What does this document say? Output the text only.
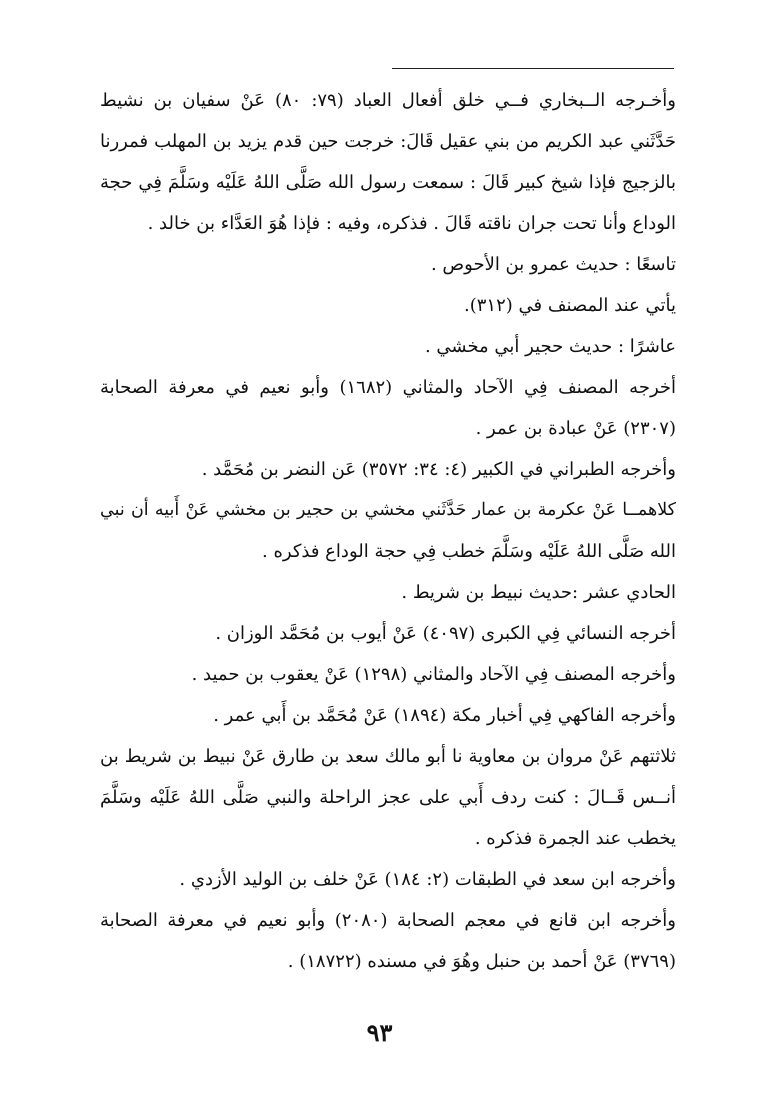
وأخـرجه الــبخاري فــي خلق أفعال العباد (٧٩: ٨٠) عَنْ سفيان بن نشيط
حَدَّثَني عبد الكريم من بني عقيل قَالَ: خرجت حين قدم يزيد بن المهلب فمررنا
بالزجيج فإذا شيخ كبير قَالَ : سمعت رسول الله صَلَّى اللهُ عَلَيْه وسَلَّمَ فِي حجة
الوداع وأنا تحت جران ناقته قَالَ . فذكره، وفيه : فإذا هُوَ العَدَّاء بن خالد .
تاسعًا : حديث عمرو بن الأحوص .
يأتي عند المصنف في (٣١٢).
عاشرًا : حديث حجير أبي مخشي .
أخرجه المصنف فِي الآحاد والمثاني (١٦٨٢) وأبو نعيم في معرفة الصحابة
(٢٣٠٧) عَنْ عبادة بن عمر .
وأخرجه الطبراني في الكبير (٤: ٣٤: ٣٥٧٢) عَن النضر بن مُحَمَّد .
كلاهمــا عَنْ عكرمة بن عمار حَدَّثَني مخشي بن حجير بن مخشي عَنْ أَبيه أن نبي
الله صَلَّى اللهُ عَلَيْه وسَلَّمَ خطب فِي حجة الوداع فذكره .
الحادي عشر :حديث نبيط بن شريط .
أخرجه النسائي فِي الكبرى (٤٠٩٧) عَنْ أيوب بن مُحَمَّد الوزان .
وأخرجه المصنف فِي الآحاد والمثاني (١٢٩٨) عَنْ يعقوب بن حميد .
وأخرجه الفاكهي فِي أخبار مكة (١٨٩٤) عَنْ مُحَمَّد بن أَبي عمر .
ثلاثتهم عَنْ مروان بن معاوية نا أبو مالك سعد بن طارق عَنْ نبيط بن شريط بن
أنــس قَــالَ : كنت ردف أَبي على عجز الراحلة والنبي صَلَّى اللهُ عَلَيْه وسَلَّمَ
يخطب عند الجمرة فذكره .
وأخرجه ابن سعد في الطبقات (٢: ١٨٤) عَنْ خلف بن الوليد الأزدي .
وأخرجه ابن قانع في معجم الصحابة (٢٠٨٠) وأبو نعيم في معرفة الصحابة
(٣٧٦٩) عَنْ أحمد بن حنبل وهُوَ في مسنده (١٨٧٢٢) .
٩٣
